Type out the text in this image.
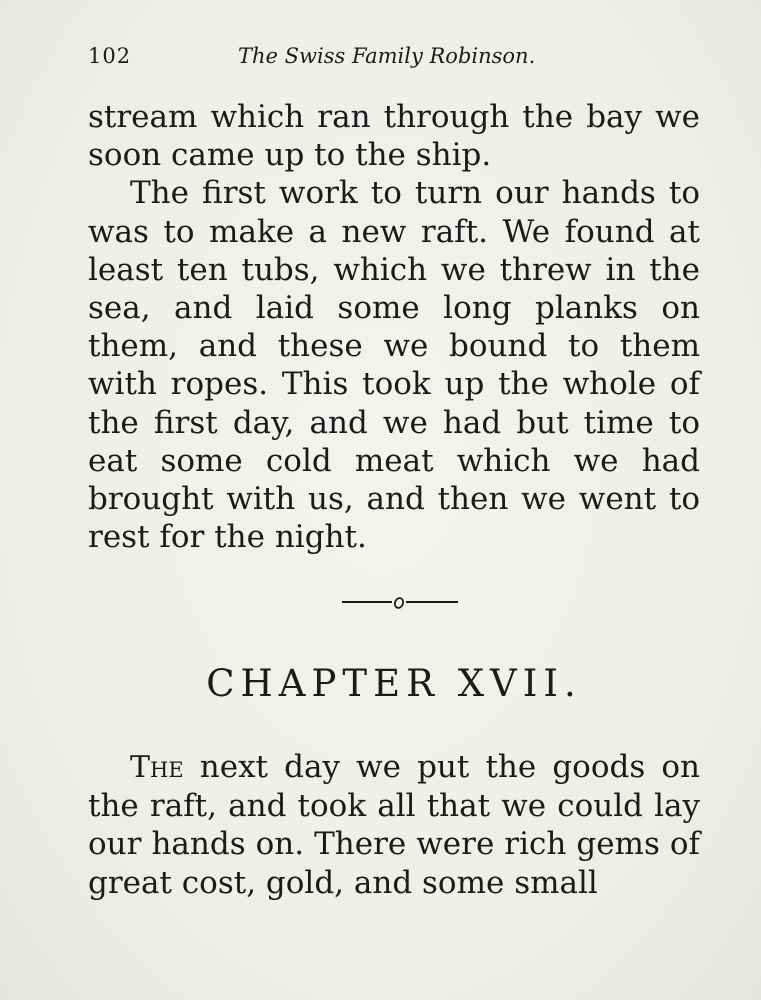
102	The Swiss Family Robinson.

stream which ran through the bay we soon came up to the ship.

The first work to turn our hands to was to make a new raft. We found at least ten tubs, which we threw in the sea, and laid some long planks on them, and these we bound to them with ropes. This took up the whole of the first day, and we had but time to eat some cold meat which we had brought with us, and then we went to rest for the night.

CHAPTER XVII.

The next day we put the goods on the raft, and took all that we could lay our hands on. There were rich gems of great cost, gold, and some small
